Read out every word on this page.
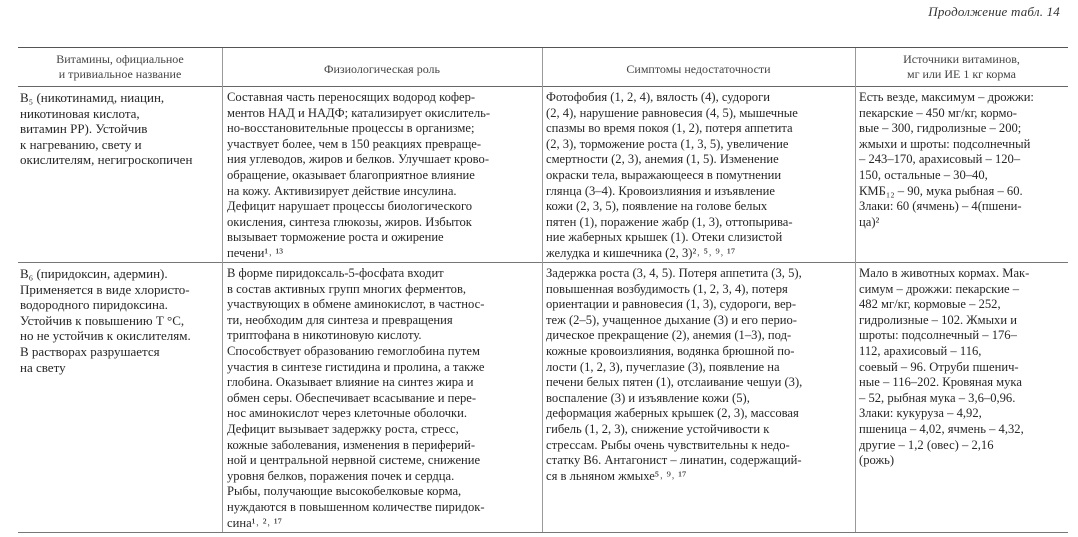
Продолжение табл. 14
Витамины, официальное
и тривиальное название	Физиологическая роль	Симптомы недостаточности
Источники витаминов,
мг или ИЕ 1 кг корма
B₅ (никотинамид, ниацин,
никотиновая кислота,
витамин PP). Устойчив
к нагреванию, свету и
окислителям, негигроскопичен
Составная часть переносящих водород кофер-
ментов НАД и НАДФ; катализирует окислитель-
но-восстановительные процессы в организме;
участвует более, чем в 150 реакциях превраще-
ния углеводов, жиров и белков. Улучшает крово-
обращение, оказывает благоприятное влияние
на кожу. Активизирует действие инсулина.
Дефицит нарушает процессы биологического
окисления, синтеза глюкозы, жиров. Избыток
вызывает торможение роста и ожирение
печени¹˒ ¹³
Фотофобия (1, 2, 4), вялость (4), судороги
(2, 4), нарушение равновесия (4, 5), мышечные
спазмы во время покоя (1, 2), потеря аппетита
(2, 3), торможение роста (1, 3, 5), увеличение
смертности (2, 3), анемия (1, 5). Изменение
окраски тела, выражающееся в помутнении
глянца (3–4). Кровоизлияния и изъявление
кожи (2, 3, 5), появление на голове белых
пятен (1), поражение жабр (1, 3), оттопырива-
ние жаберных крышек (1). Отеки слизистой
желудка и кишечника (2, 3)²˒ ⁵˒ ⁹˒ ¹⁷
Есть везде, максимум – дрожжи:
пекарские – 450 мг/кг, кормо-
вые – 300, гидролизные – 200;
жмыхи и шроты: подсолнечный
– 243–170, арахисовый – 120–
150, остальные – 30–40,
КМБ₁₂ – 90, мука рыбная – 60.
Злаки: 60 (ячмень) – 4(пшени-
ца)²
B₆ (пиридоксин, адермин).
Применяется в виде хлористо-
водородного пиридоксина.
Устойчив к повышению Т °С,
но не устойчив к окислителям.
В растворах разрушается
на свету
В форме пиридоксаль-5-фосфата входит
в состав активных групп многих ферментов,
участвующих в обмене аминокислот, в частнос-
ти, необходим для синтеза и превращения
триптофана в никотиновую кислоту.
Способствует образованию гемоглобина путем
участия в синтезе гистидина и пролина, а также
глобина. Оказывает влияние на синтез жира и
обмен серы. Обеспечивает всасывание и пере-
нос аминокислот через клеточные оболочки.
Дефицит вызывает задержку роста, стресс,
кожные заболевания, изменения в периферий-
ной и центральной нервной системе, снижение
уровня белков, поражения почек и сердца.
Рыбы, получающие высокобелковые корма,
нуждаются в повышенном количестве пиридок-
сина¹˒ ²˒ ¹⁷
Задержка роста (3, 4, 5). Потеря аппетита (3, 5),
повышенная возбудимость (1, 2, 3, 4), потеря
ориентации и равновесия (1, 3), судороги, вер-
теж (2–5), учащенное дыхание (3) и его перио-
дическое прекращение (2), анемия (1–3), под-
кожные кровоизлияния, водянка брюшной по-
лости (1, 2, 3), пучеглазие (3), появление на
печени белых пятен (1), отслаивание чешуи (3),
воспаление (3) и изъявление кожи (5),
деформация жаберных крышек (2, 3), массовая
гибель (1, 2, 3), снижение устойчивости к
стрессам. Рыбы очень чувствительны к недо-
статку В6. Антагонист – линатин, содержащий-
ся в льняном жмыхе⁵˒ ⁹˒ ¹⁷
Мало в животных кормах. Мак-
симум – дрожжи: пекарские –
482 мг/кг, кормовые – 252,
гидролизные – 102. Жмыхи и
шроты: подсолнечный – 176–
112, арахисовый – 116,
соевый – 96. Отруби пшенич-
ные – 116–202. Кровяная мука
– 52, рыбная мука – 3,6–0,96.
Злаки: кукуруза – 4,92,
пшеница – 4,02, ячмень – 4,32,
другие – 1,2 (овес) – 2,16
(рожь)
